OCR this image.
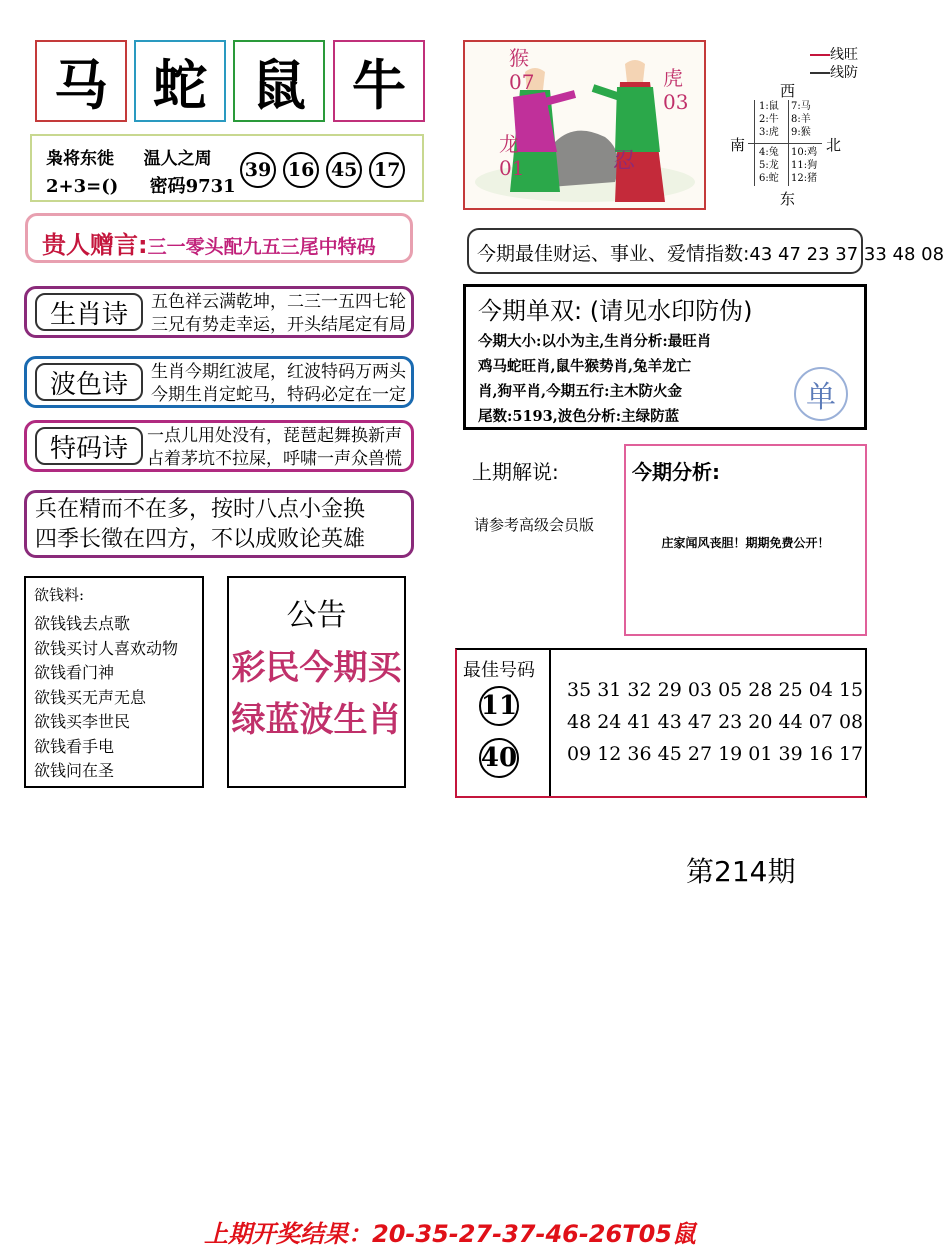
马 蛇 鼠 牛
枭将东徙 温人之周
2+3=() 密码9731
39 16 45 17
贵人赠言:三一零头配九五三尾中特码
生肖诗	五色祥云满乾坤，二三一五四七轮
三兄有势走幸运，开头结尾定有局
波色诗	生肖今期红波尾，红波特码万两头
今期生肖定蛇马，特码必定在一定
特码诗	一点儿用处没有，琵琶起舞换新声
占着茅坑不拉屎，呼啸一声众兽慌
兵在精而不在多，按时八点小金换
四季长徵在四方，不以成败论英雄
欲钱料:
欲钱钱去点歌
欲钱买讨人喜欢动物
欲钱看门神
欲钱买无声无息
欲钱买李世民
欲钱看手电
欲钱问在圣
公告
彩民今期买
绿蓝波生肖
猴
07
龙
01
虎
03
忍
线旺
线防
西
南	北
东
1:鼠
2:牛
3:虎
7:马
8:羊
9:猴
4:兔
5:龙
6:蛇
10:鸡
11:狗
12:猪
今期最佳财运、事业、爱情指数:43 47 23 37 33 48 08
今期单双: (请见水印防伪)
今期大小:以小为主,生肖分析:最旺肖
鸡马蛇旺肖,鼠牛猴势肖,兔羊龙亡
肖,狗平肖,今期五行:主木防火金
尾数:5193,波色分析:主绿防蓝
单
上期解说:
请参考高级会员版
今期分析:
庄家闻风丧胆！期期免费公开！
最佳号码
11
40
35 31 32 29 03 05 28 25 04 15
48 24 41 43 47 23 20 44 07 08
09 12 36 45 27 19 01 39 16 17
第214期
上期开奖结果：20-35-27-37-46-26T05鼠
